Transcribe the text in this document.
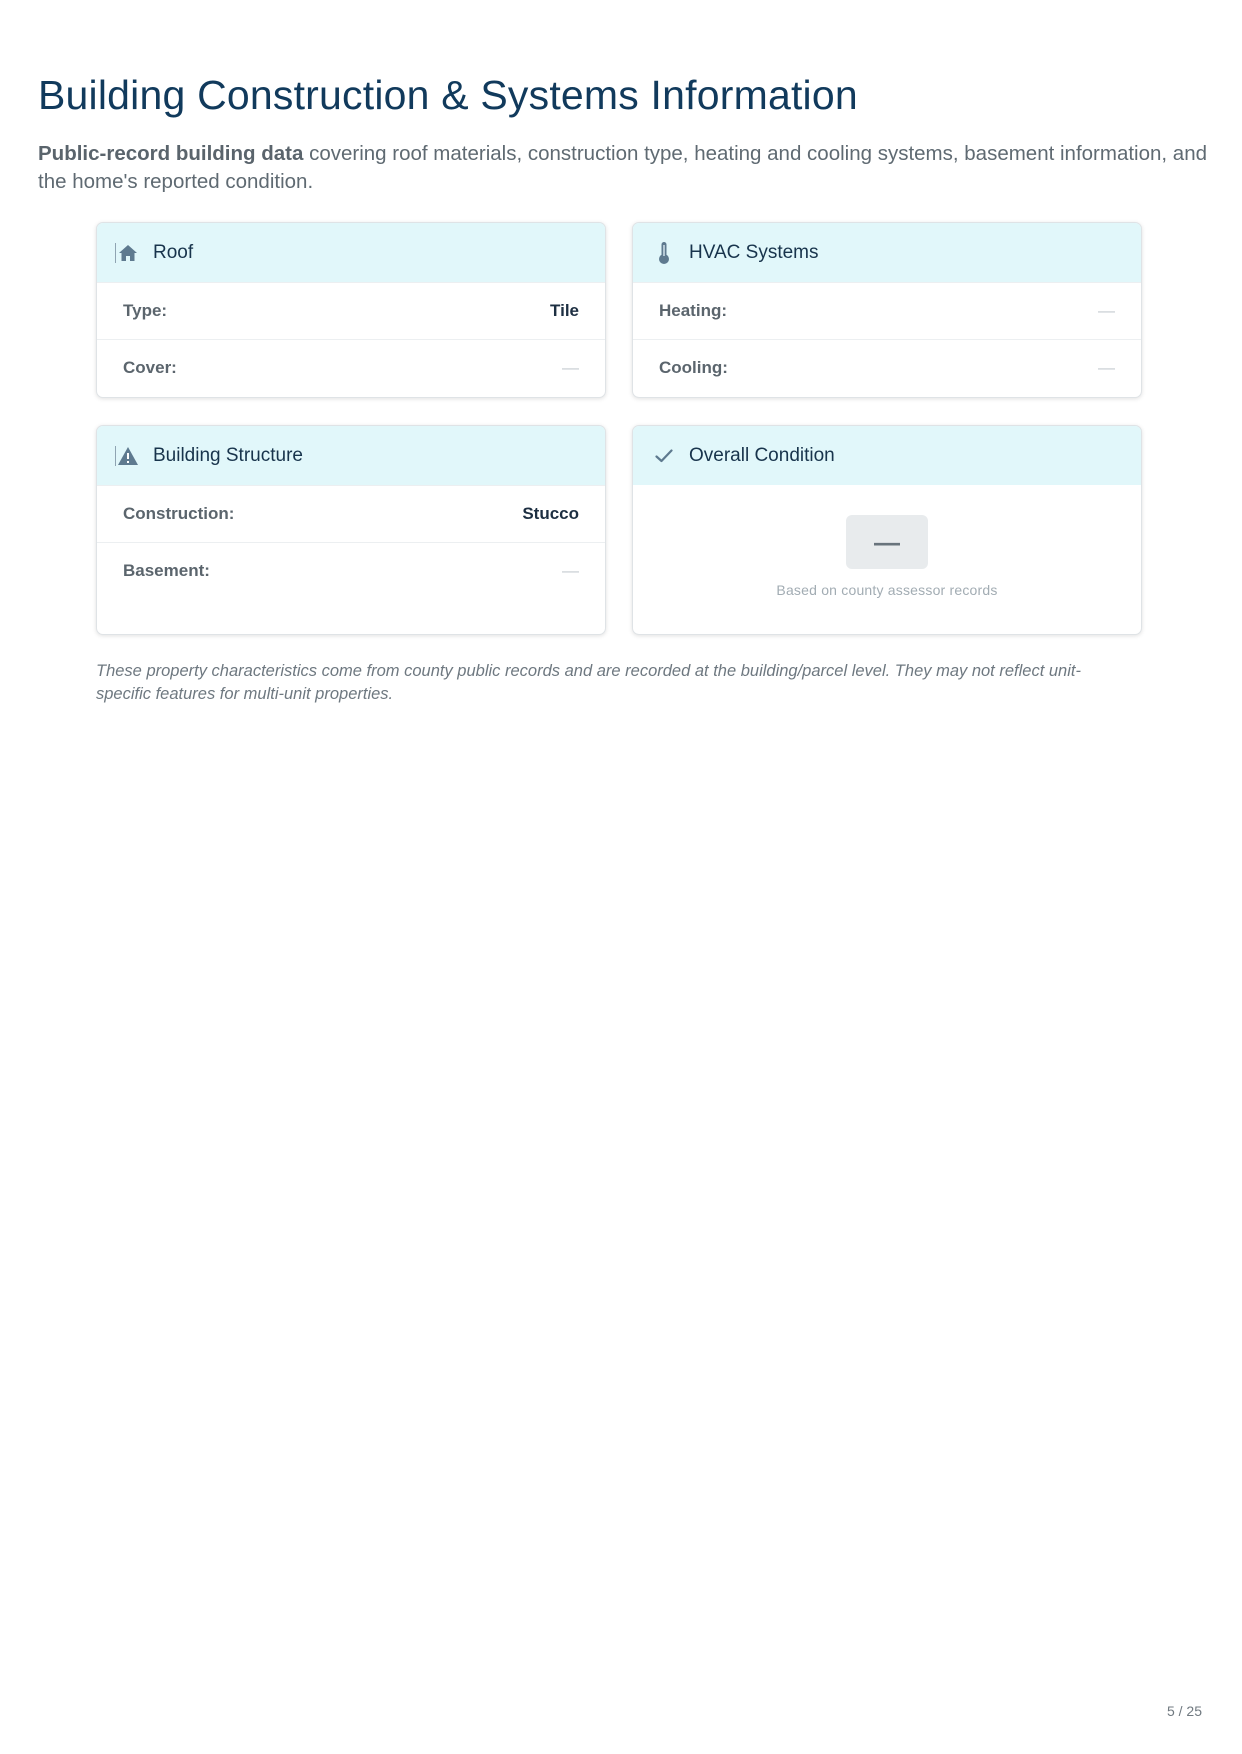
Building Construction & Systems Information

Public-record building data covering roof materials, construction type, heating and cooling systems, basement information, and the home's reported condition.

Roof
Type:	Tile
Cover:	—
HVAC Systems
Heating:	—
Cooling:	—
Building Structure
Construction:	Stucco
Basement:	—
Overall Condition
—
Based on county assessor records

These property characteristics come from county public records and are recorded at the building/parcel level. They may not reflect unit-specific features for multi-unit properties.

5 / 25
